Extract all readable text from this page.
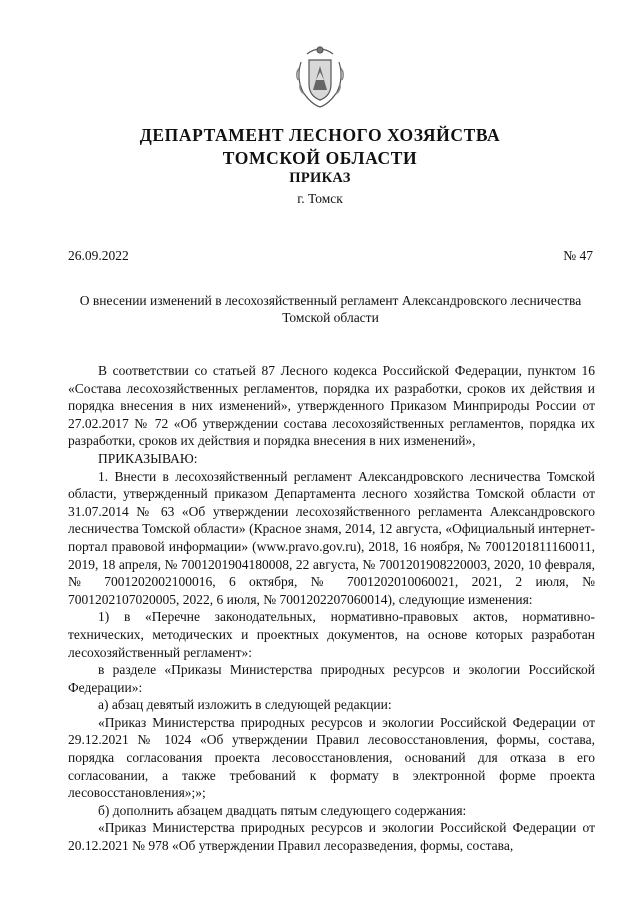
ДЕПАРТАМЕНТ ЛЕСНОГО ХОЗЯЙСТВА
ТОМСКОЙ ОБЛАСТИ
ПРИКАЗ
г. Томск
26.09.2022	№ 47
О внесении изменений в лесохозяйственный регламент Александровского лесничества Томской области

В соответствии со статьей 87 Лесного кодекса Российской Федерации, пунктом 16 «Состава лесохозяйственных регламентов, порядка их разработки, сроков их действия и порядка внесения в них изменений», утвержденного Приказом Минприроды России от 27.02.2017 № 72 «Об утверждении состава лесохозяйственных регламентов, порядка их разработки, сроков их действия и порядка внесения в них изменений»,

ПРИКАЗЫВАЮ:

1. Внести в лесохозяйственный регламент Александровского лесничества Томской области, утвержденный приказом Департамента лесного хозяйства Томской области от 31.07.2014 № 63 «Об утверждении лесохозяйственного регламента Александровского лесничества Томской области» (Красное знамя, 2014, 12 августа, «Официальный интернет-портал правовой информации» (www.pravo.gov.ru), 2018, 16 ноября, № 7001201811160011, 2019, 18 апреля, № 7001201904180008, 22 августа, № 7001201908220003, 2020, 10 февраля, № 7001202002100016, 6 октября, № 7001202010060021, 2021, 2 июля, № 7001202107020005, 2022, 6 июля, № 7001202207060014), следующие изменения:

1) в «Перечне законодательных, нормативно-правовых актов, нормативно-технических, методических и проектных документов, на основе которых разработан лесохозяйственный регламент»:

в разделе «Приказы Министерства природных ресурсов и экологии Российской Федерации»:

а) абзац девятый изложить в следующей редакции:

«Приказ Министерства природных ресурсов и экологии Российской Федерации от 29.12.2021 № 1024 «Об утверждении Правил лесовосстановления, формы, состава, порядка согласования проекта лесовосстановления, оснований для отказа в его согласовании, а также требований к формату в электронной форме проекта лесовосстановления»;»;

б) дополнить абзацем двадцать пятым следующего содержания:

«Приказ Министерства природных ресурсов и экологии Российской Федерации от 20.12.2021 № 978 «Об утверждении Правил лесоразведения, формы, состава,
